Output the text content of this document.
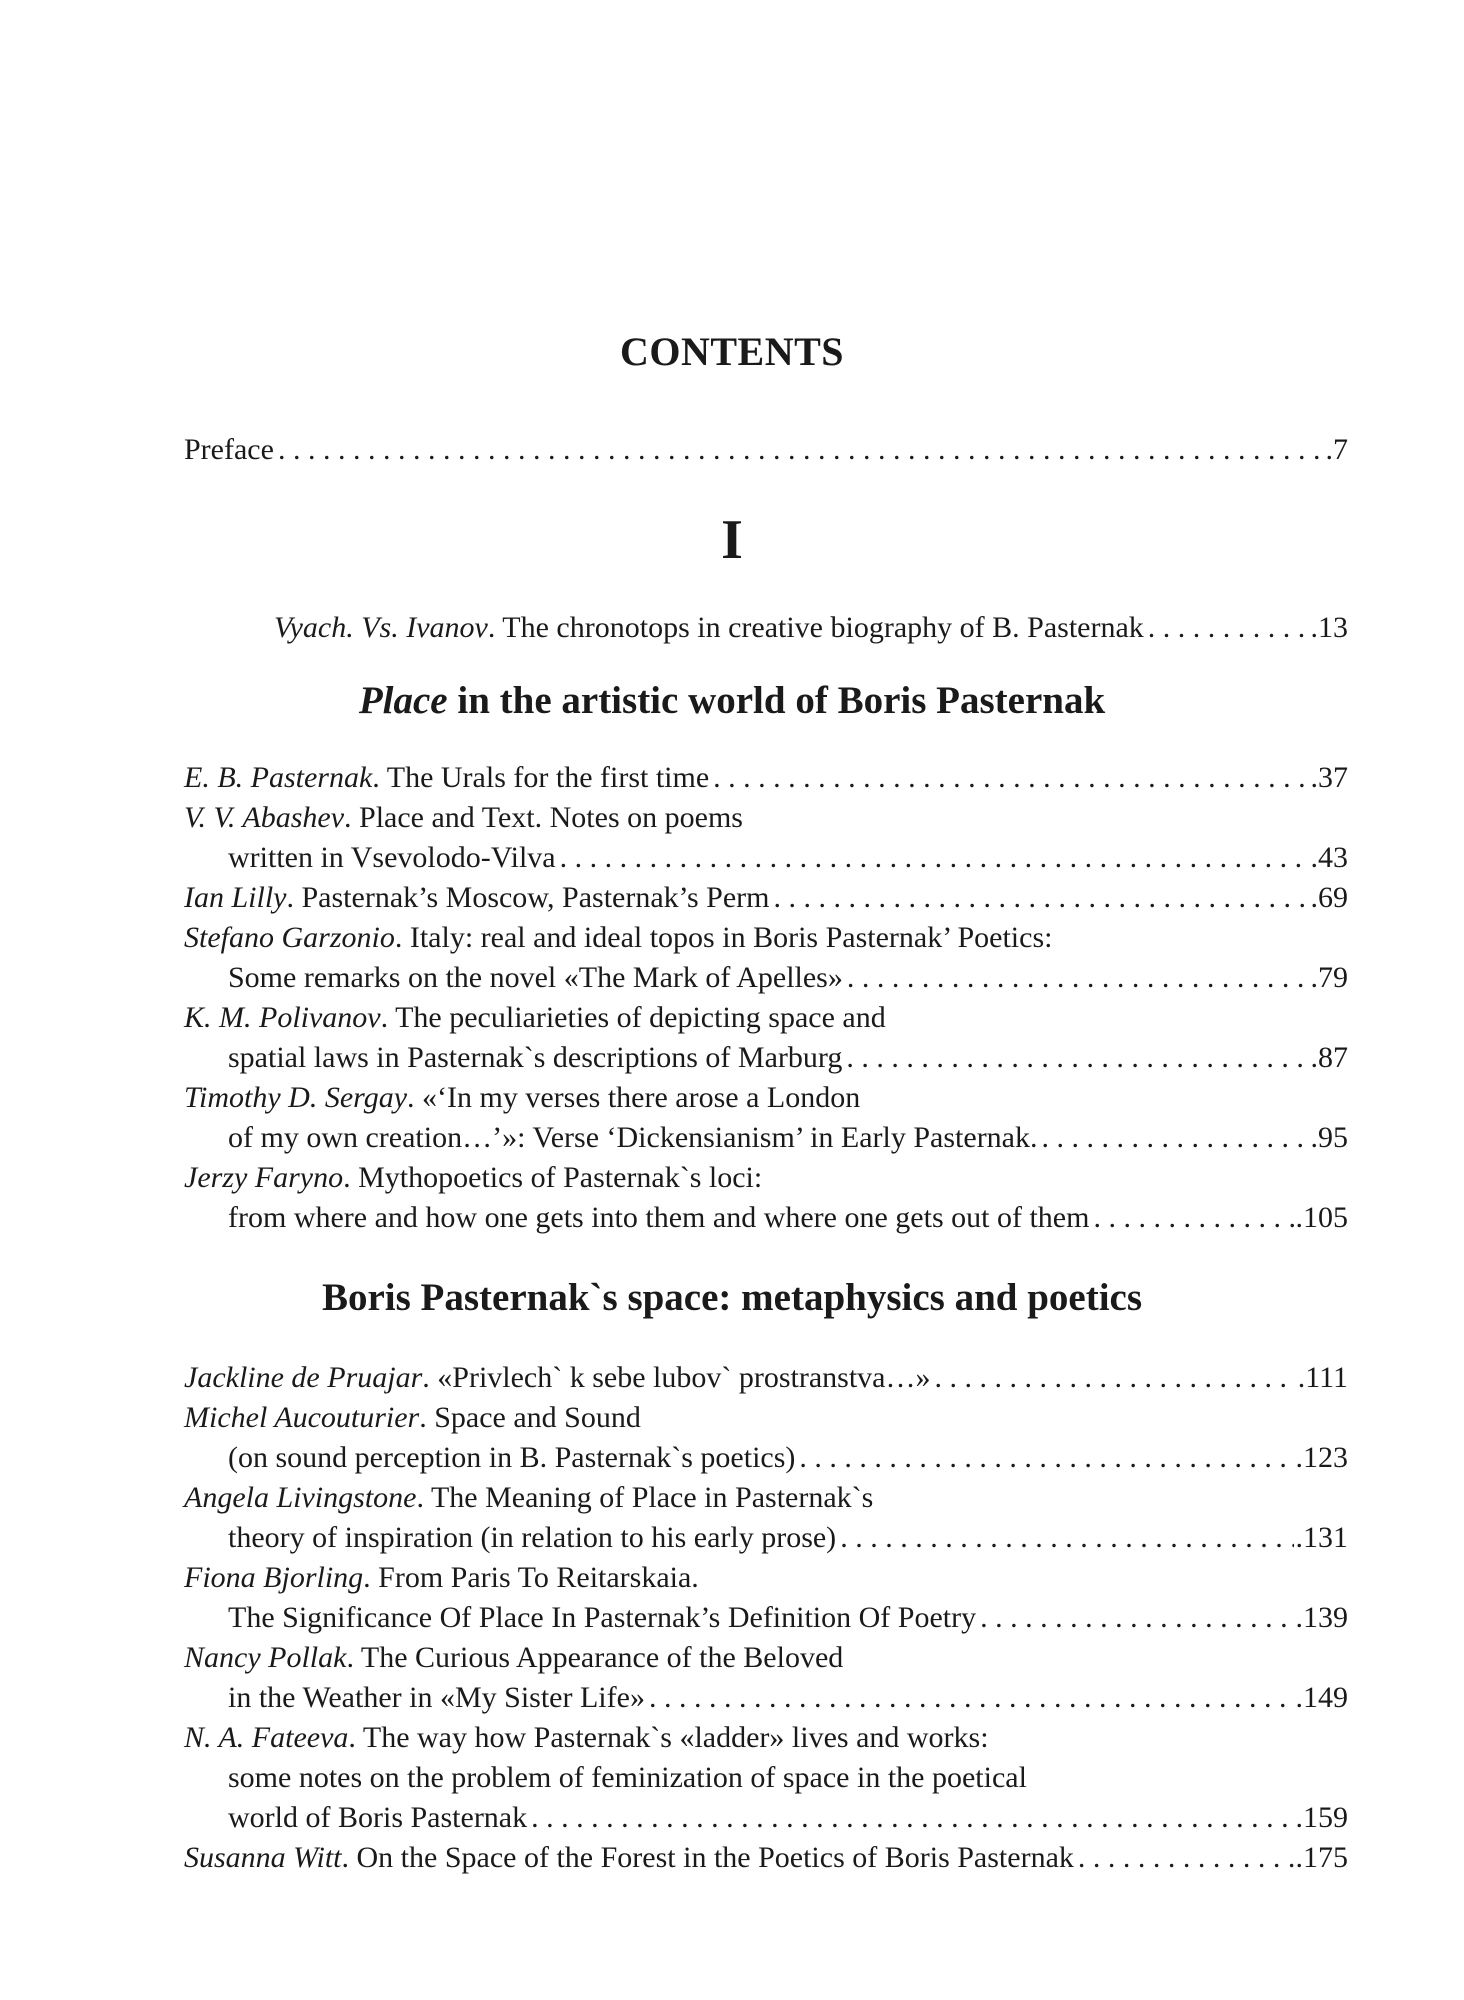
CONTENTS
Preface . . .	.7
I
Vyach. Vs. Ivanov. The chronotops in creative biography of B. Pasternak . . .	.13
Place in the artistic world of Boris Pasternak
E. B. Pasternak. The Urals for the first time . . .	.37
V. V. Abashev. Place and Text. Notes on poems
written in Vsevolodo-Vilva . . .	.43
Ian Lilly. Pasternak’s Moscow, Pasternak’s Perm . . .	.69
Stefano Garzonio. Italy: real and ideal topos in Boris Pasternak’ Poetics:
Some remarks on the novel «The Mark of Apelles» . . .	.79
K. M. Polivanov. The peculiarieties of depicting space and
spatial laws in Pasternak`s descriptions of Marburg . . .	.87
Timothy D. Sergay. «‘In my verses there arose a London
of my own creation…’»: Verse ‘Dickensianism’ in Early Pasternak. . . .	.95
Jerzy Faryno. Mythopoetics of Pasternak`s loci:
from where and how one gets into them and where one gets out of them . . .	.105
Boris Pasternak`s space: metaphysics and poetics
Jackline de Pruajar. «Privlech` k sebe lubov` prostranstva…» . . .	.111
Michel Aucouturier. Space and Sound
(on sound perception in B. Pasternak`s poetics) . . .	.123
Angela Livingstone. The Meaning of Place in Pasternak`s
theory of inspiration (in relation to his early prose) . . .	.131
Fiona Bjorling. From Paris To Reitarskaia.
The Significance Of Place In Pasternak’s Definition Of Poetry . . .	.139
Nancy Pollak. The Curious Appearance of the Beloved
in the Weather in «My Sister Life» . . .	.149
N. A. Fateeva. The way how Pasternak`s «ladder» lives and works:
some notes on the problem of feminization of space in the poetical
world of Boris Pasternak . . .	.159
Susanna Witt. On the Space of the Forest in the Poetics of Boris Pasternak . . .	.175
